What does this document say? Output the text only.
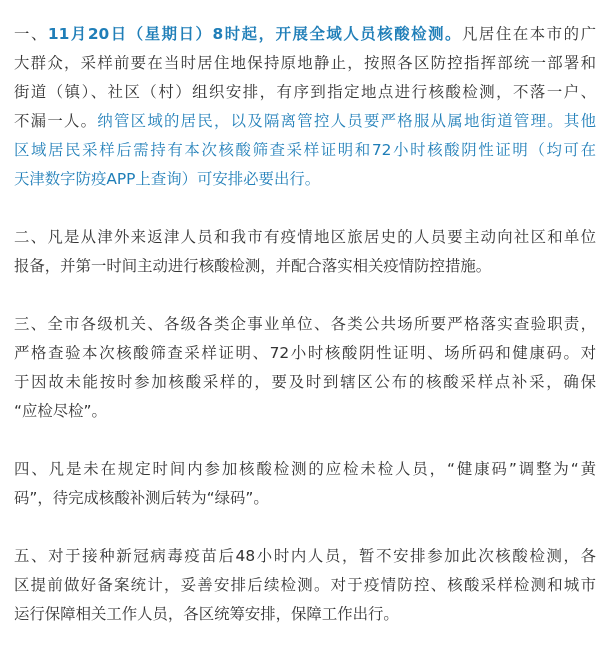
一、11月20日（星期日）8时起，开展全域人员核酸检测。凡居住在本市的广
大群众，采样前要在当时居住地保持原地静止，按照各区防控指挥部统一部署和
街道（镇）、社区（村）组织安排，有序到指定地点进行核酸检测，不落一户、
不漏一人。纳管区域的居民，以及隔离管控人员要严格服从属地街道管理。其他
区域居民采样后需持有本次核酸筛查采样证明和72小时核酸阴性证明（均可在
天津数字防疫APP上查询）可安排必要出行。
二、凡是从津外来返津人员和我市有疫情地区旅居史的人员要主动向社区和单位
报备，并第一时间主动进行核酸检测，并配合落实相关疫情防控措施。
三、全市各级机关、各级各类企事业单位、各类公共场所要严格落实查验职责，
严格查验本次核酸筛查采样证明、72小时核酸阴性证明、场所码和健康码。对
于因故未能按时参加核酸采样的，要及时到辖区公布的核酸采样点补采，确保
“应检尽检”。
四、凡是未在规定时间内参加核酸检测的应检未检人员，“健康码”调整为“黄
码”，待完成核酸补测后转为“绿码”。
五、对于接种新冠病毒疫苗后48小时内人员，暂不安排参加此次核酸检测，各
区提前做好备案统计，妥善安排后续检测。对于疫情防控、核酸采样检测和城市
运行保障相关工作人员，各区统筹安排，保障工作出行。
